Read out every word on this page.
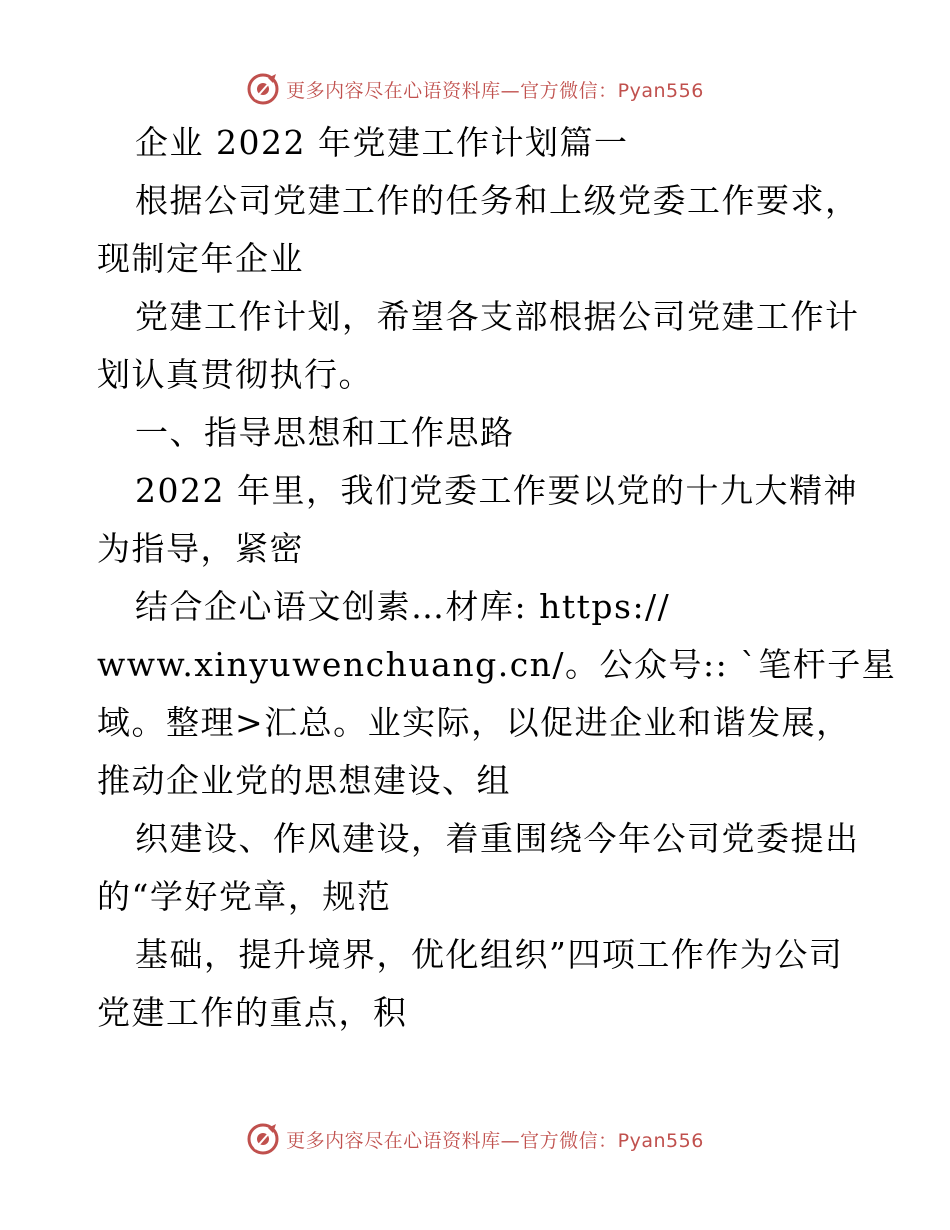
更多内容尽在心语资料库—官方微信：Pyan556
企业 2022 年党建工作计划篇一
根据公司党建工作的任务和上级党委工作要求，
现制定年企业
党建工作计划，希望各支部根据公司党建工作计
划认真贯彻执行。
一、指导思想和工作思路
2022 年里，我们党委工作要以党的十九大精神
为指导，紧密
结合企心语文创素…材库: https://
www.xinyuwenchuang.cn/。公众号:: `笔杆子星
域。整理>汇总。业实际，以促进企业和谐发展，
推动企业党的思想建设、组
织建设、作风建设，着重围绕今年公司党委提出
的“学好党章，规范
基础，提升境界，优化组织”四项工作作为公司
党建工作的重点，积
更多内容尽在心语资料库—官方微信：Pyan556
